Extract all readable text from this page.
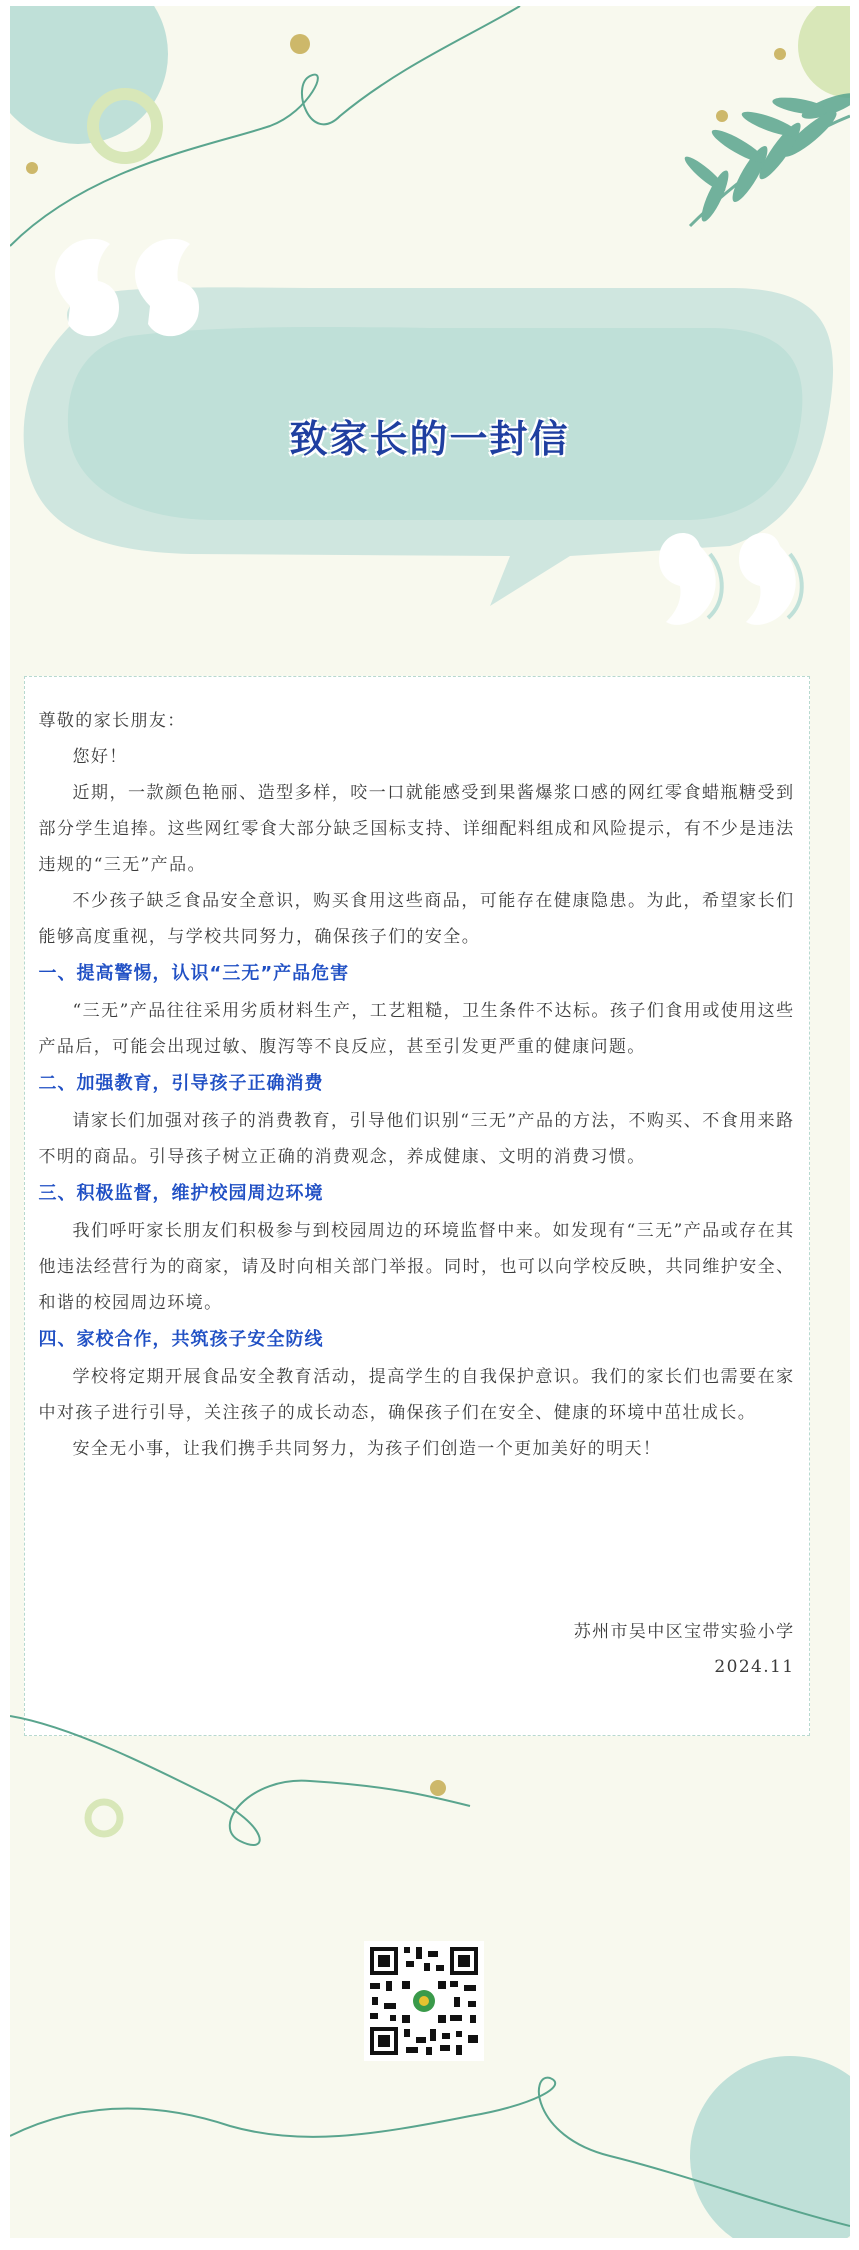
致家长的一封信

尊敬的家长朋友：

您好！

近期，一款颜色艳丽、造型多样，咬一口就能感受到果酱爆浆口感的网红零食蜡瓶糖受到部分学生追捧。这些网红零食大部分缺乏国标支持、详细配料组成和风险提示，有不少是违法违规的“三无”产品。

不少孩子缺乏食品安全意识，购买食用这些商品，可能存在健康隐患。为此，希望家长们能够高度重视，与学校共同努力，确保孩子们的安全。

一、提高警惕，认识“三无”产品危害

“三无”产品往往采用劣质材料生产，工艺粗糙，卫生条件不达标。孩子们食用或使用这些产品后，可能会出现过敏、腹泻等不良反应，甚至引发更严重的健康问题。

二、加强教育，引导孩子正确消费

请家长们加强对孩子的消费教育，引导他们识别“三无”产品的方法，不购买、不食用来路不明的商品。引导孩子树立正确的消费观念，养成健康、文明的消费习惯。

三、积极监督，维护校园周边环境

我们呼吁家长朋友们积极参与到校园周边的环境监督中来。如发现有“三无”产品或存在其他违法经营行为的商家，请及时向相关部门举报。同时，也可以向学校反映，共同维护安全、和谐的校园周边环境。

四、家校合作，共筑孩子安全防线

学校将定期开展食品安全教育活动，提高学生的自我保护意识。我们的家长们也需要在家中对孩子进行引导，关注孩子的成长动态，确保孩子们在安全、健康的环境中茁壮成长。

安全无小事，让我们携手共同努力，为孩子们创造一个更加美好的明天！

苏州市吴中区宝带实验小学
2024.11
